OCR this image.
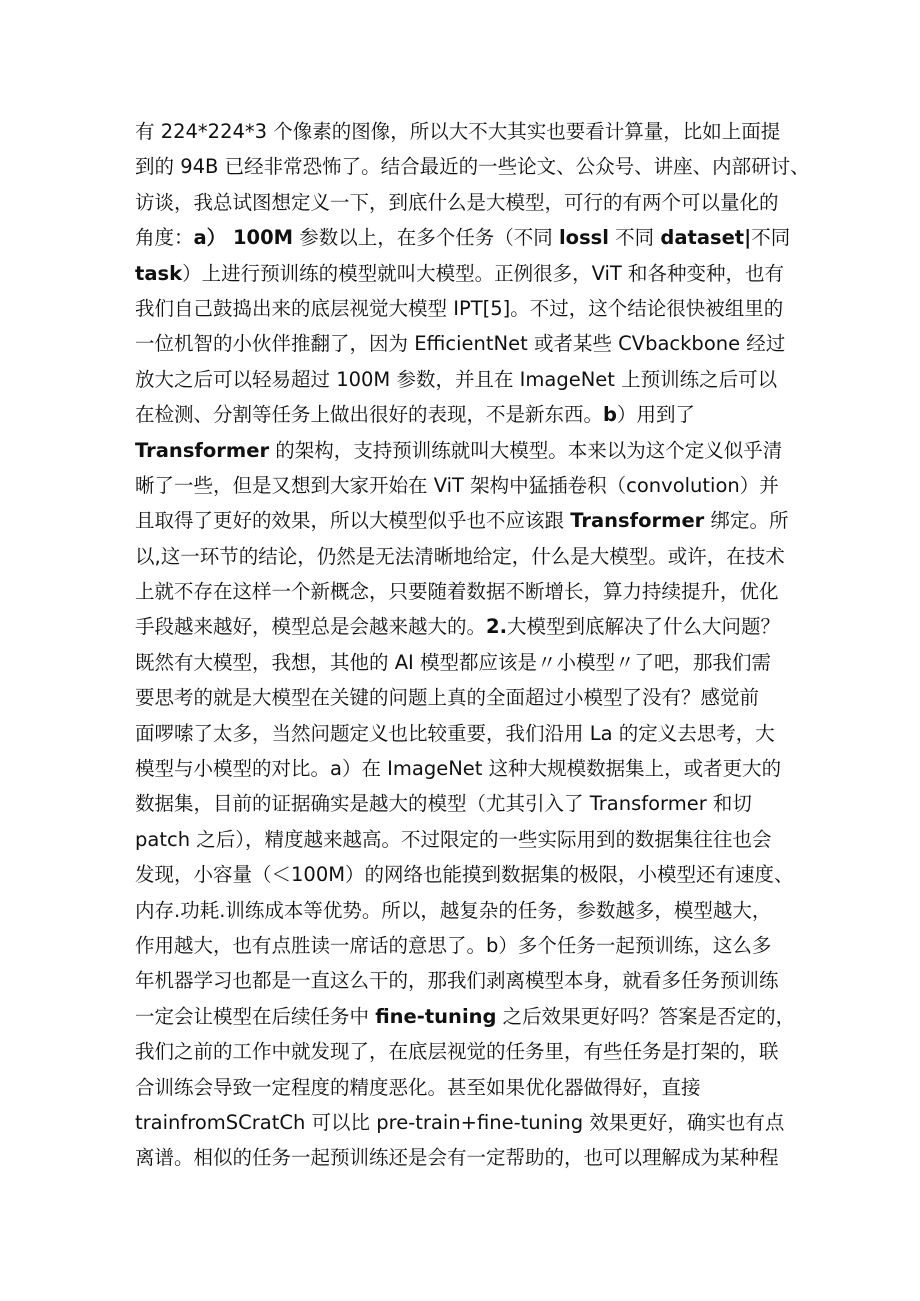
有 224*224*3 个像素的图像，所以大不大其实也要看计算量，比如上面提
到的 94B 已经非常恐怖了。结合最近的一些论文、公众号、讲座、内部研讨、
访谈，我总试图想定义一下，到底什么是大模型，可行的有两个可以量化的
角度：a） 100M 参数以上，在多个任务（不同 lossl 不同 dataset|不同
task）上进行预训练的模型就叫大模型。正例很多，ViT 和各种变种，也有
我们自己鼓捣出来的底层视觉大模型 IPT[5]。不过，这个结论很快被组里的
一位机智的小伙伴推翻了，因为 EfficientNet 或者某些 CVbackbone 经过
放大之后可以轻易超过 100M 参数，并且在 ImageNet 上预训练之后可以
在检测、分割等任务上做出很好的表现，不是新东西。b）用到了
Transformer 的架构，支持预训练就叫大模型。本来以为这个定义似乎清
晰了一些，但是又想到大家开始在 ViT 架构中猛插卷积（convolution）并
且取得了更好的效果，所以大模型似乎也不应该跟 Transformer 绑定。所
以,这一环节的结论，仍然是无法清晰地给定，什么是大模型。或许，在技术
上就不存在这样一个新概念，只要随着数据不断增长，算力持续提升，优化
手段越来越好，模型总是会越来越大的。2.大模型到底解决了什么大问题？
既然有大模型，我想，其他的 AI 模型都应该是〃小模型〃了吧，那我们需
要思考的就是大模型在关键的问题上真的全面超过小模型了没有？感觉前
面啰嗦了太多，当然问题定义也比较重要，我们沿用 La 的定义去思考，大
模型与小模型的对比。a）在 ImageNet 这种大规模数据集上，或者更大的
数据集，目前的证据确实是越大的模型（尤其引入了 Transformer 和切
patch 之后），精度越来越高。不过限定的一些实际用到的数据集往往也会
发现，小容量（＜100M）的网络也能摸到数据集的极限，小模型还有速度、
内存.功耗.训练成本等优势。所以，越复杂的任务，参数越多，模型越大，
作用越大，也有点胜读一席话的意思了。b）多个任务一起预训练，这么多
年机器学习也都是一直这么干的，那我们剥离模型本身，就看多任务预训练
一定会让模型在后续任务中 fine-tuning 之后效果更好吗？答案是否定的，
我们之前的工作中就发现了，在底层视觉的任务里，有些任务是打架的，联
合训练会导致一定程度的精度恶化。甚至如果优化器做得好，直接
trainfromSCratCh 可以比 pre-train+fine-tuning 效果更好，确实也有点
离谱。相似的任务一起预训练还是会有一定帮助的，也可以理解成为某种程
